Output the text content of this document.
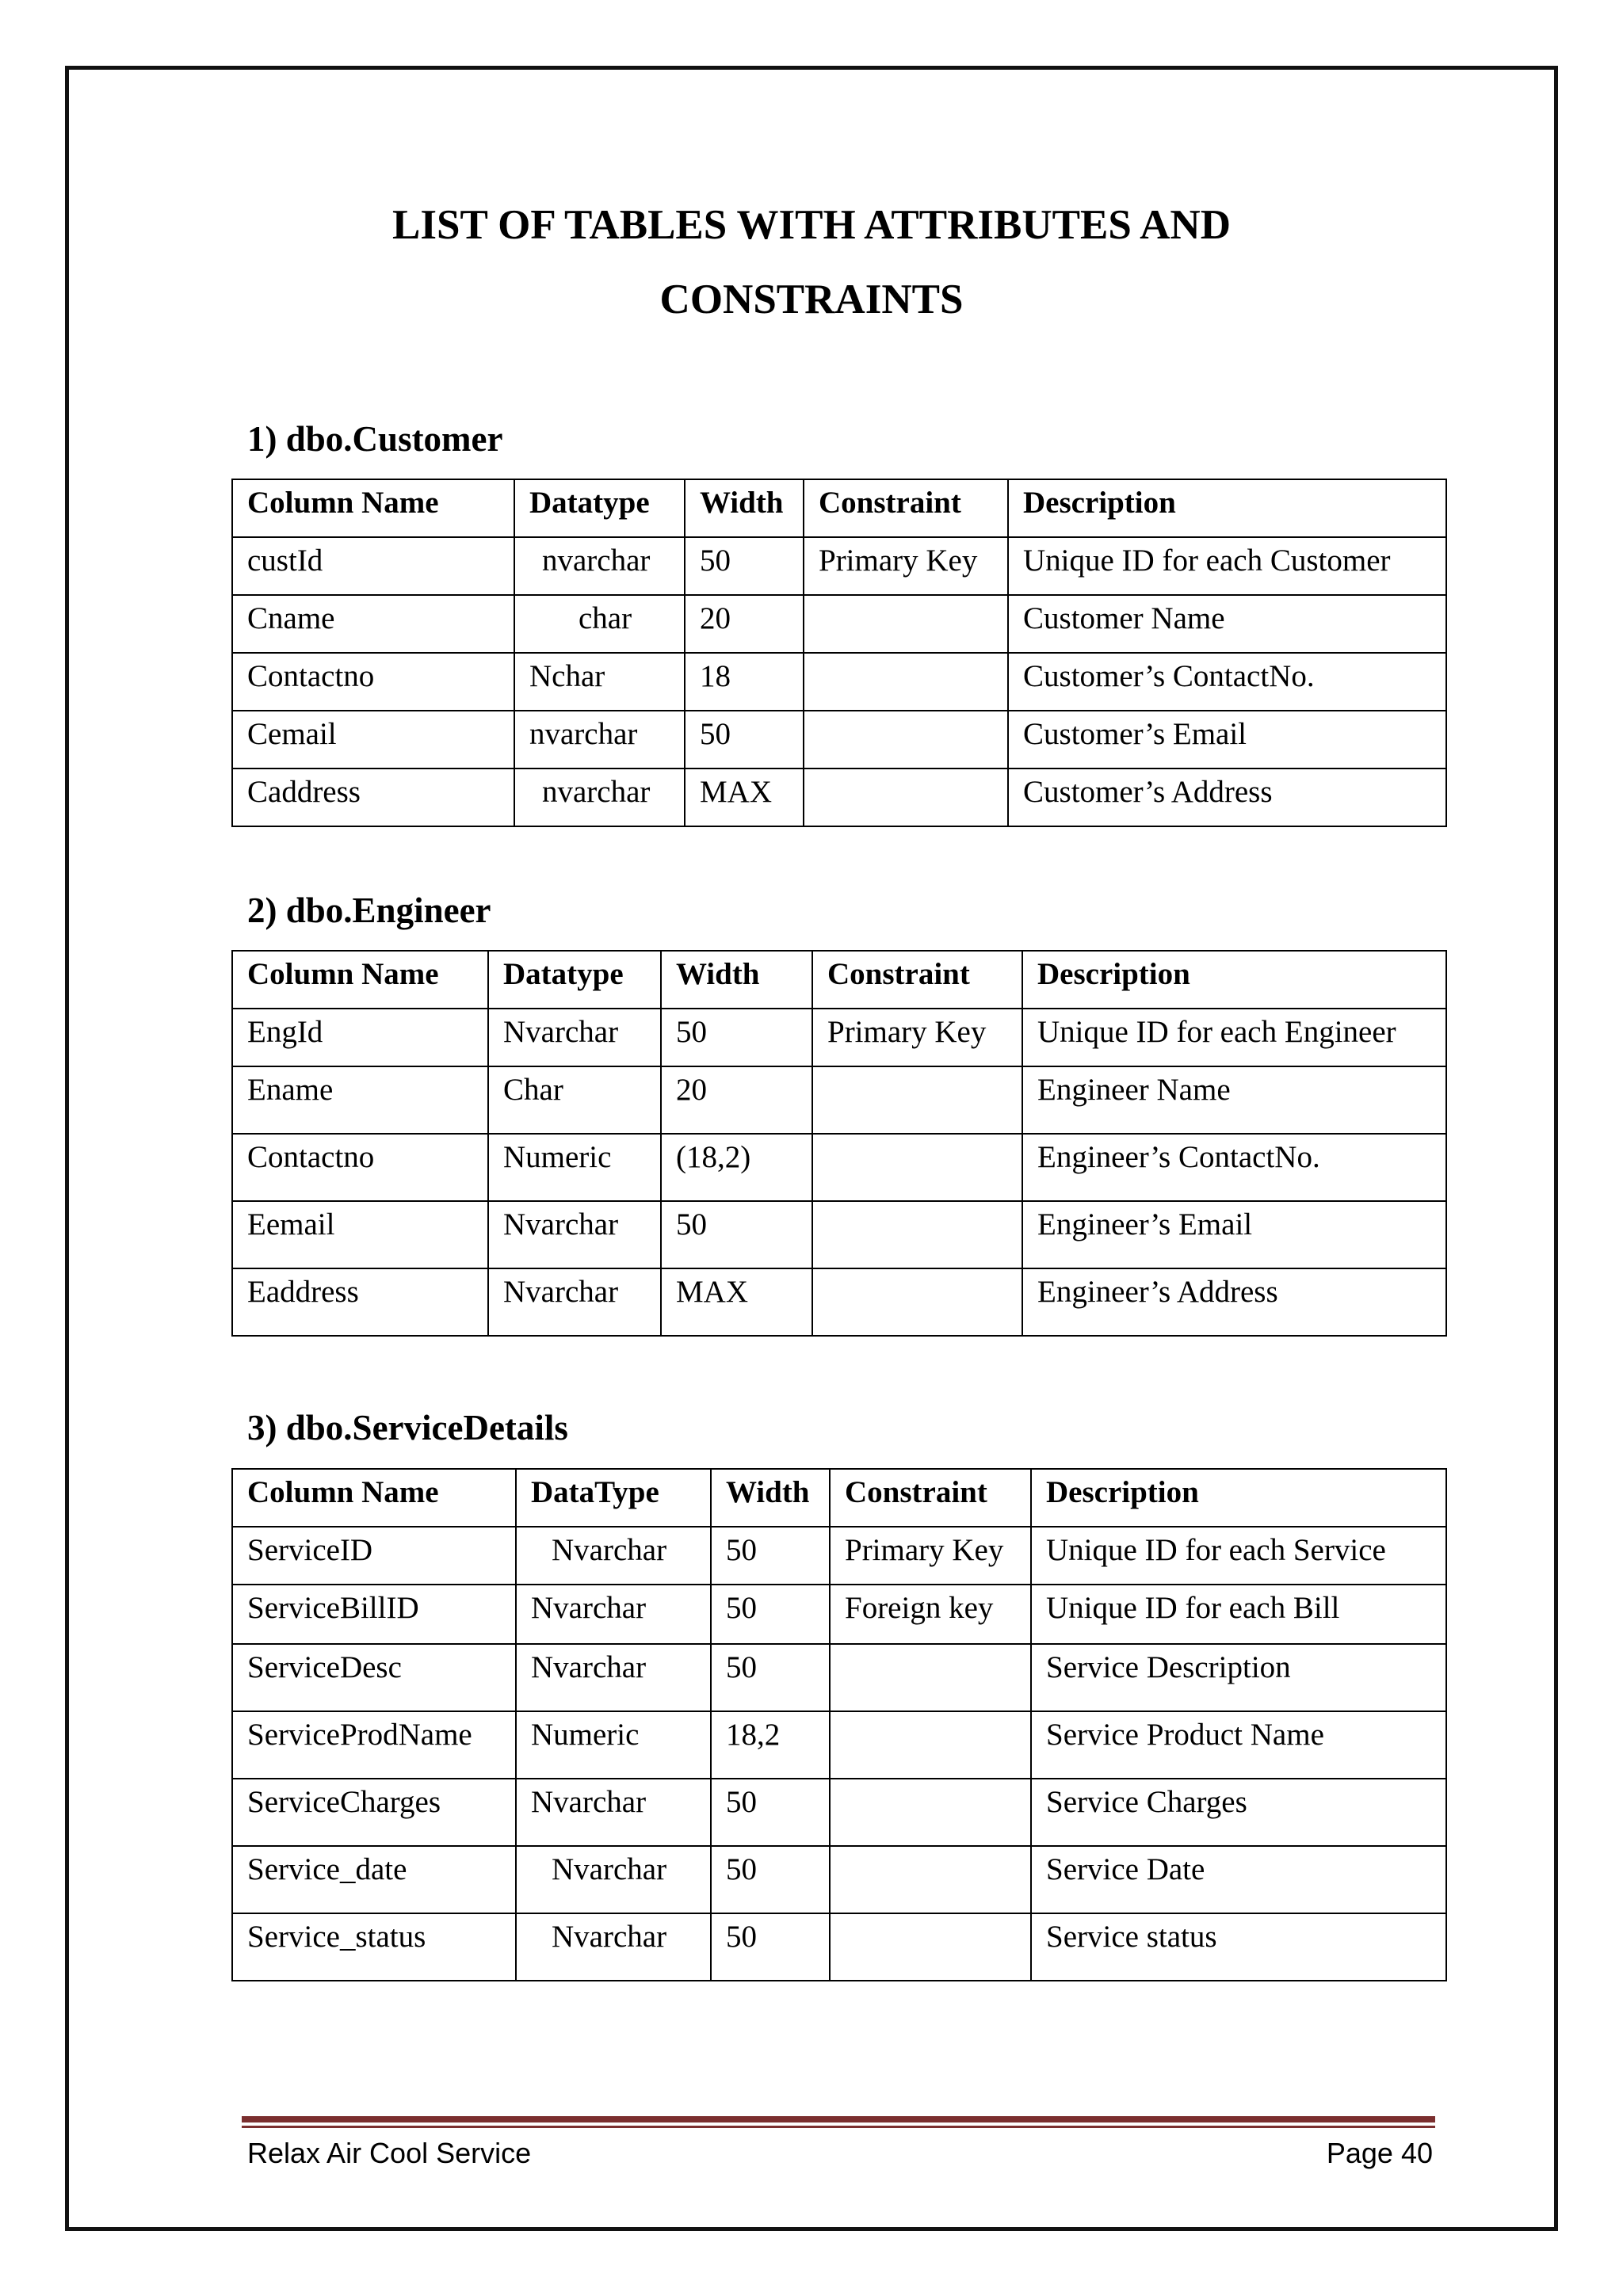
LIST OF TABLES WITH ATTRIBUTES AND
CONSTRAINTS
1) dbo.Customer
Column Name	Datatype	Width	Constraint	Description
custId	nvarchar	50	Primary Key	Unique ID for each Customer
Cname	char	20		Customer Name
Contactno	Nchar	18		Customer’s ContactNo.
Cemail	nvarchar	50		Customer’s Email
Caddress	nvarchar	MAX		Customer’s Address
2) dbo.Engineer
Column Name	Datatype	Width	Constraint	Description
EngId	Nvarchar	50	Primary Key	Unique ID for each Engineer
Ename	Char	20		Engineer Name
Contactno	Numeric	(18,2)		Engineer’s ContactNo.
Eemail	Nvarchar	50		Engineer’s Email
Eaddress	Nvarchar	MAX		Engineer’s Address
3) dbo.ServiceDetails
Column Name	DataType	Width	Constraint	Description
ServiceID	Nvarchar	50	Primary Key	Unique ID for each Service
ServiceBillID	Nvarchar	50	Foreign key	Unique ID for each Bill
ServiceDesc	Nvarchar	50		Service Description
ServiceProdName	Numeric	18,2		Service Product Name
ServiceCharges	Nvarchar	50		Service Charges
Service_date	Nvarchar	50		Service Date
Service_status	Nvarchar	50		Service status
Relax Air Cool Service	Page 40
